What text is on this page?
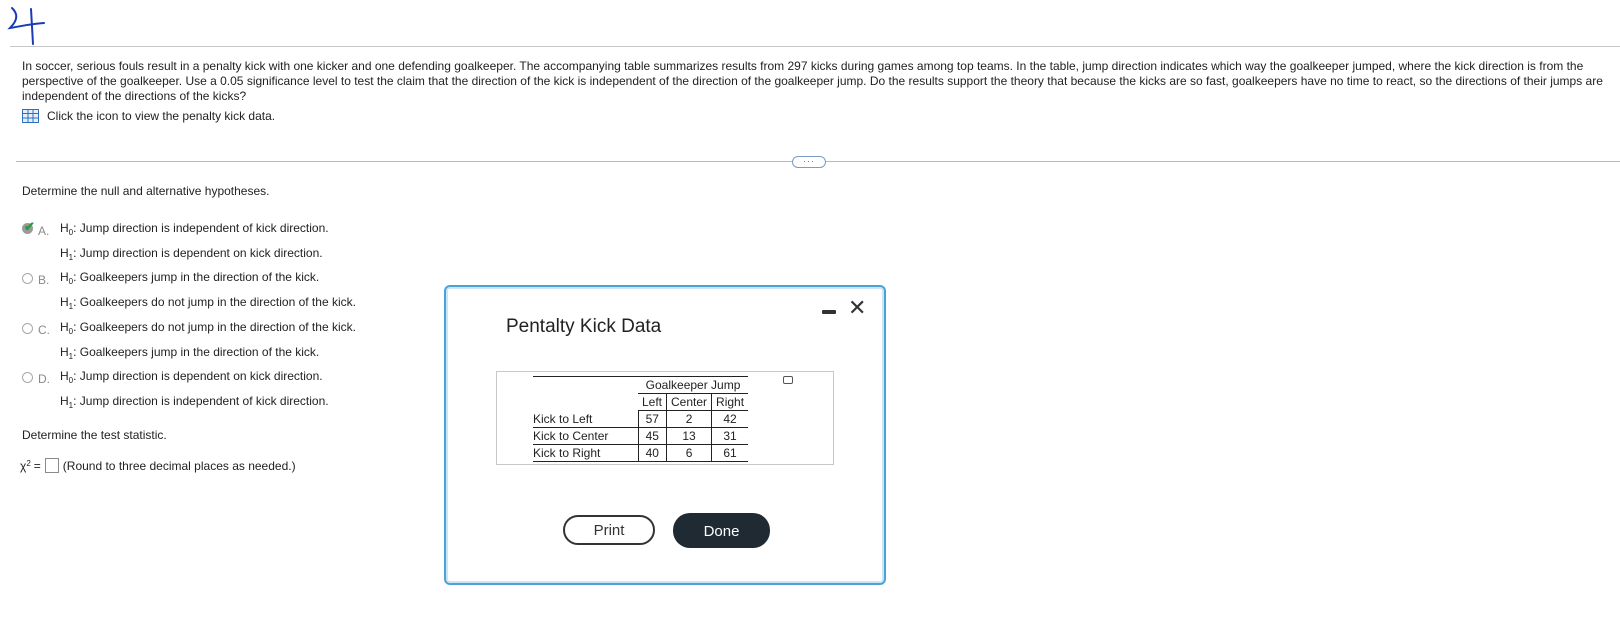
In soccer, serious fouls result in a penalty kick with one kicker and one defending goalkeeper. The accompanying table summarizes results from 297 kicks during games among top teams. In the table, jump direction indicates which way the goalkeeper jumped, where the kick direction is from the perspective of the goalkeeper. Use a 0.05 significance level to test the claim that the direction of the kick is independent of the direction of the goalkeeper jump. Do the results support the theory that because the kicks are so fast, goalkeepers have no time to react, so the directions of their jumps are independent of the directions of the kicks?
Click the icon to view the penalty kick data.
···
Determine the null and alternative hypotheses.
✔ A. $H_0$: Jump direction is independent of kick direction.
$H_1$: Jump direction is dependent on kick direction.
B. $H_0$: Goalkeepers jump in the direction of the kick.
$H_1$: Goalkeepers do not jump in the direction of the kick.
C. $H_0$: Goalkeepers do not jump in the direction of the kick.
$H_1$: Goalkeepers jump in the direction of the kick.
D. $H_0$: Jump direction is dependent on kick direction.
$H_1$: Jump direction is independent of kick direction.
Determine the test statistic.
$\chi^2$ = (Round to three decimal places as needed.)
Pentalty Kick Data
✕
	Goalkeeper Jump		
	Left	Center	Right
Kick to Left	57	2	42
Kick to Center	45	13	31
Kick to Right	40	6	61
Print	Done
